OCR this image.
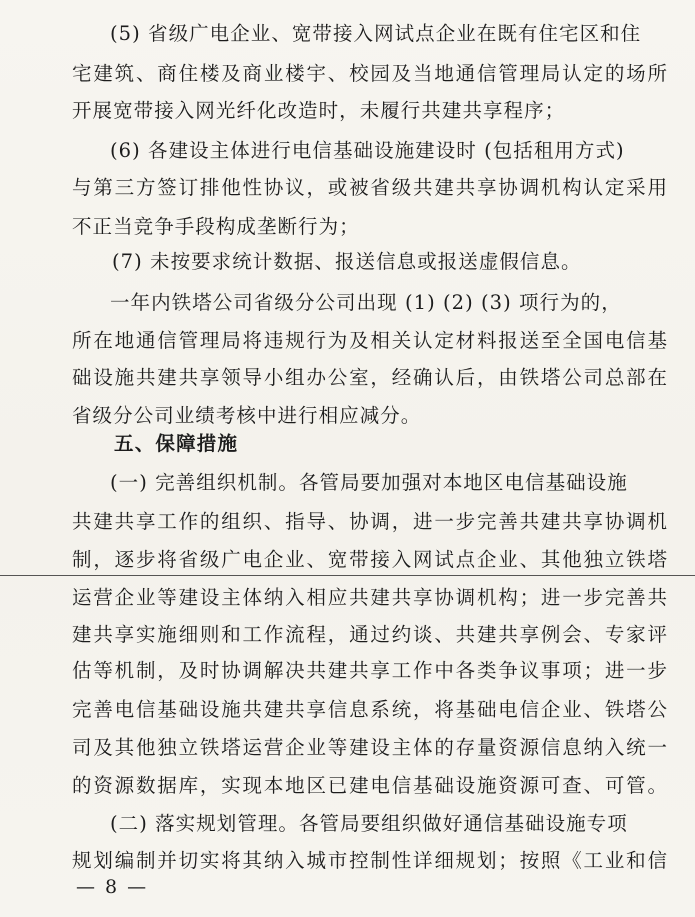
(5) 省级广电企业、宽带接入网试点企业在既有住宅区和住
宅建筑、商住楼及商业楼宇、校园及当地通信管理局认定的场所
开展宽带接入网光纤化改造时，未履行共建共享程序；
(6) 各建设主体进行电信基础设施建设时 (包括租用方式)
与第三方签订排他性协议，或被省级共建共享协调机构认定采用
不正当竞争手段构成垄断行为；
(7) 未按要求统计数据、报送信息或报送虚假信息。
一年内铁塔公司省级分公司出现 (1) (2) (3) 项行为的，
所在地通信管理局将违规行为及相关认定材料报送至全国电信基
础设施共建共享领导小组办公室，经确认后，由铁塔公司总部在
省级分公司业绩考核中进行相应减分。
五、保障措施
(一) 完善组织机制。各管局要加强对本地区电信基础设施
共建共享工作的组织、指导、协调，进一步完善共建共享协调机
制，逐步将省级广电企业、宽带接入网试点企业、其他独立铁塔
运营企业等建设主体纳入相应共建共享协调机构；进一步完善共
建共享实施细则和工作流程，通过约谈、共建共享例会、专家评
估等机制，及时协调解决共建共享工作中各类争议事项；进一步
完善电信基础设施共建共享信息系统，将基础电信企业、铁塔公
司及其他独立铁塔运营企业等建设主体的存量资源信息纳入统一
的资源数据库，实现本地区已建电信基础设施资源可查、可管。
(二) 落实规划管理。各管局要组织做好通信基础设施专项
规划编制并切实将其纳入城市控制性详细规划；按照《工业和信
— 8 —
